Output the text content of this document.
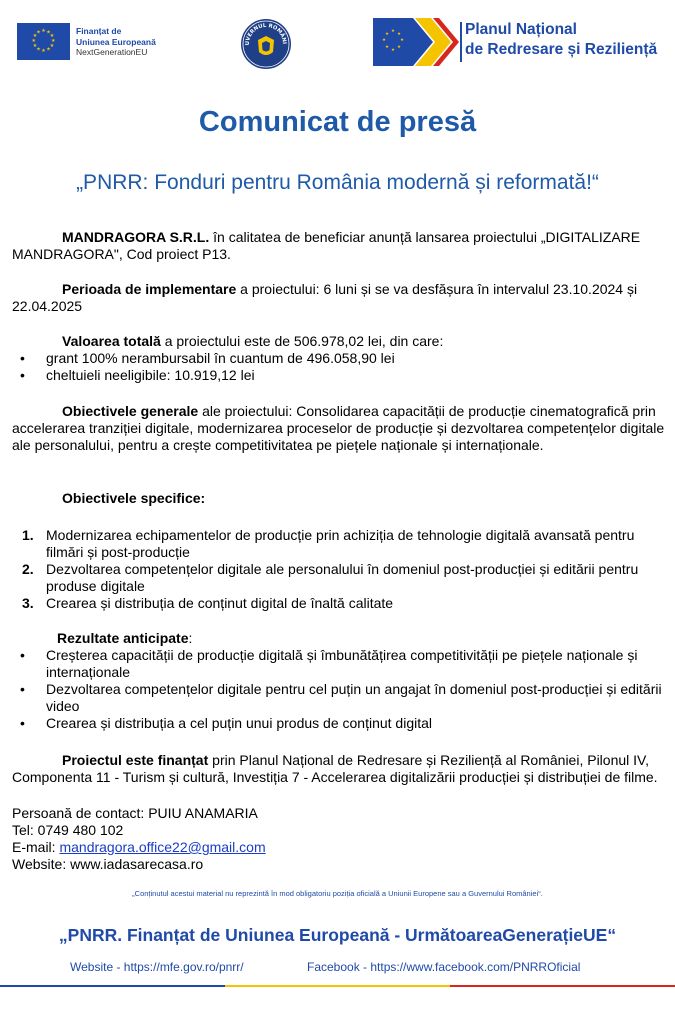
★ ★
★
★
★
★
★
★
★
★
★
★	Finanțat de
Uniunea Europeană
NextGenerationEU
UVERNUL ROMÂNI
★
★
★
★
★
★
★
★	Planul Național
de Redresare și Reziliență
Comunicat de presă
„PNRR: Fonduri pentru România modernă și reformată!“

MANDRAGORA S.R.L. în calitatea de beneficiar anunță lansarea proiectului „DIGITALIZARE MANDRAGORA", Cod proiect P13.

Perioada de implementare a proiectului: 6 luni și se va desfășura în intervalul 23.10.2024 și 22.04.2025

Valoarea totală a proiectului este de 506.978,02 lei, din care:

• grant 100% nerambursabil în cuantum de 496.058,90 lei
• cheltuieli neeligibile: 10.919,12 lei

Obiectivele generale ale proiectului: Consolidarea capacității de producție cinematografică prin accelerarea tranziției digitale, modernizarea proceselor de producție și dezvoltarea competențelor digitale ale personalului, pentru a crește competitivitatea pe piețele naționale și internaționale.

Obiectivele specifice:

1. Modernizarea echipamentelor de producție prin achiziția de tehnologie digitală avansată pentru filmări și post-producție
2. Dezvoltarea competențelor digitale ale personalului în domeniul post-producției și editării pentru produse digitale
3. Crearea și distribuția de conținut digital de înaltă calitate

Rezultate anticipate:

• Creșterea capacității de producție digitală și îmbunătățirea competitivității pe piețele naționale și internaționale
• Dezvoltarea competențelor digitale pentru cel puțin un angajat în domeniul post-producției și editării video
• Crearea și distribuția a cel puțin unui produs de conținut digital

Proiectul este finanțat prin Planul Național de Redresare și Reziliență al României, Pilonul IV, Componenta 11 - Turism și cultură, Investiția 7 - Accelerarea digitalizării producției și distribuției de filme.

Persoană de contact: PUIU ANAMARIA
Tel: 0749 480 102
E-mail: mandragora.office22@gmail.com
Website: www.iadasarecasa.ro
„Conținutul acestui material nu reprezintă în mod obligatoriu poziția oficială a Uniunii Europene sau a Guvernului României“.
„PNRR. Finanțat de Uniunea Europeană - UrmătoareaGenerațieUE“
Website - https://mfe.gov.ro/pnrr/	Facebook - https://www.facebook.com/PNRROficial
